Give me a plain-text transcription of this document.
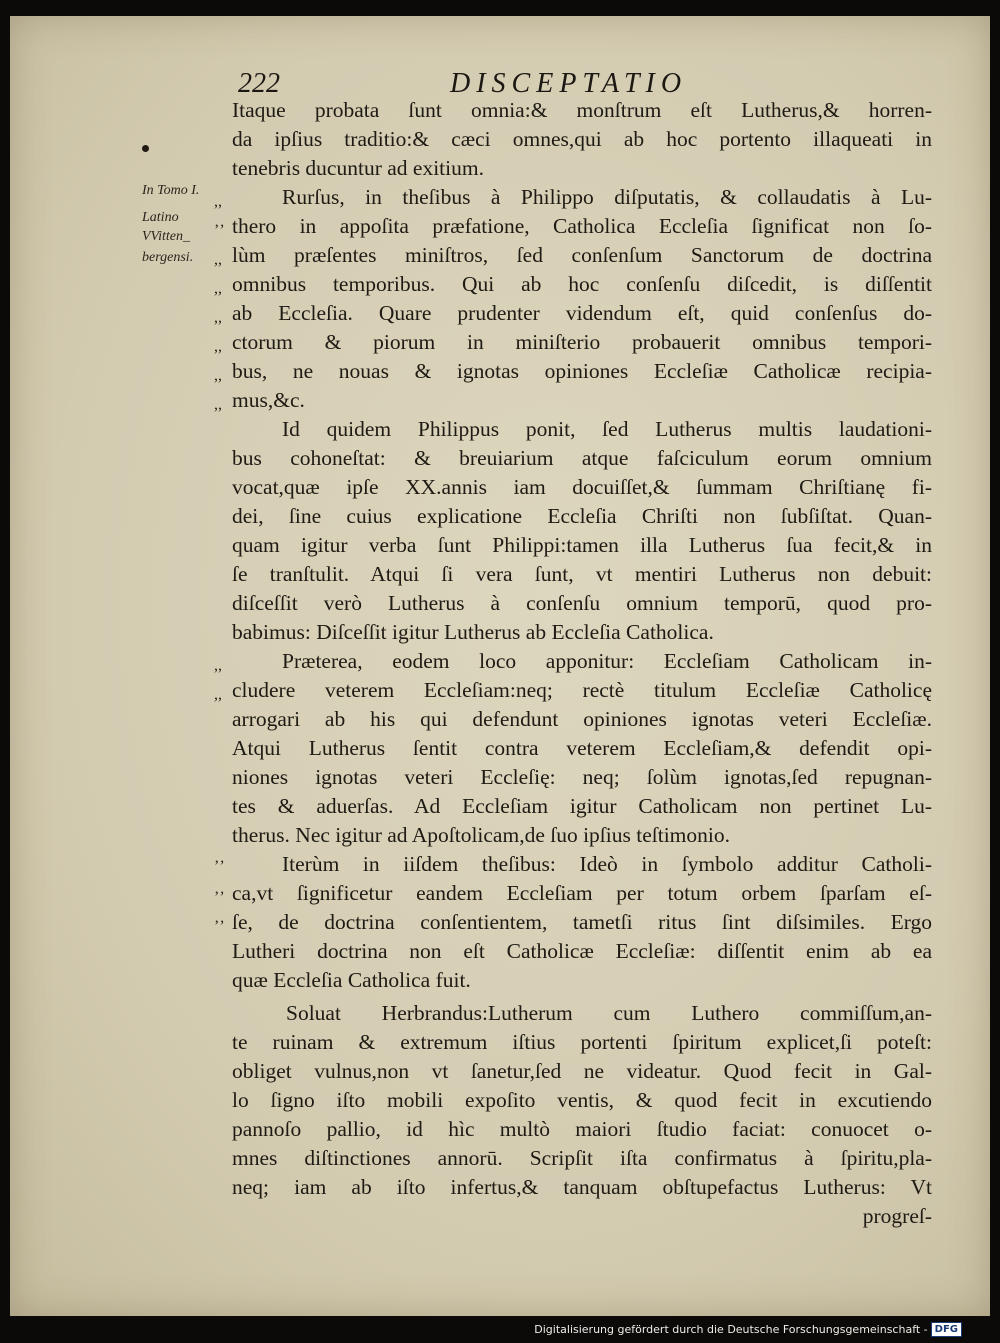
222	DISCEPTATIO
In Tomo I.
Latino
VVitten_
bergensi.
,,
ʼʼ
,,
,,
,,
,,
,,
,,
,,
,,
ʼʼ
ʼʼ
ʼʼ
Itaque probata ſunt omnia:& monſtrum eſt Lutherus,& horren-
da ipſius traditio:& cæci omnes,qui ab hoc portento illaqueati in
tenebris ducuntur ad exitium.
Rurſus, in theſibus à Philippo diſputatis, & collaudatis à Lu-
thero in appoſita præfatione, Catholica Eccleſia ſignificat non ſo-
lùm præſentes miniſtros, ſed conſenſum Sanctorum de doctrina
omnibus temporibus. Qui ab hoc conſenſu diſcedit, is diſſentit
ab Eccleſia. Quare prudenter videndum eſt, quid conſenſus do-
ctorum & piorum in miniſterio probauerit omnibus tempori-
bus, ne nouas & ignotas opiniones Eccleſiæ Catholicæ recipia-
mus,&c.
Id quidem Philippus ponit, ſed Lutherus multis laudationi-
bus cohoneſtat: & breuiarium atque faſciculum eorum omnium
vocat,quæ ipſe XX.annis iam docuiſſet,& ſummam Chriſtianę fi-
dei, ſine cuius explicatione Eccleſia Chriſti non ſubſiſtat. Quan-
quam igitur verba ſunt Philippi:tamen illa Lutherus ſua fecit,& in
ſe tranſtulit. Atqui ſi vera ſunt, vt mentiri Lutherus non debuit:
diſceſſit verò Lutherus à conſenſu omnium temporū, quod pro-
babimus: Diſceſſit igitur Lutherus ab Eccleſia Catholica.
Præterea, eodem loco apponitur: Eccleſiam Catholicam in-
cludere veterem Eccleſiam:neq; rectè titulum Eccleſiæ Catholicę
arrogari ab his qui defendunt opiniones ignotas veteri Eccleſiæ.
Atqui Lutherus ſentit contra veterem Eccleſiam,& defendit opi-
niones ignotas veteri Eccleſię: neq; ſolùm ignotas,ſed repugnan-
tes & aduerſas. Ad Eccleſiam igitur Catholicam non pertinet Lu-
therus. Nec igitur ad Apoſtolicam,de ſuo ipſius teſtimonio.
Iterùm in iiſdem theſibus: Ideò in ſymbolo additur Catholi-
ca,vt ſignificetur eandem Eccleſiam per totum orbem ſparſam eſ-
ſe, de doctrina conſentientem, tametſi ritus ſint diſsimiles. Ergo
Lutheri doctrina non eſt Catholicæ Eccleſiæ: diſſentit enim ab ea
quæ Eccleſia Catholica fuit.
Soluat Herbrandus:Lutherum cum Luthero commiſſum,an-
te ruinam & extremum iſtius portenti ſpiritum explicet,ſi poteſt:
obliget vulnus,non vt ſanetur,ſed ne videatur. Quod fecit in Gal-
lo ſigno iſto mobili expoſito ventis, & quod fecit in excutiendo
pannoſo pallio, id hìc multò maiori ſtudio faciat: conuocet o-
mnes diſtinctiones annorū. Scripſit iſta confirmatus à ſpiritu,pla-
neq; iam ab iſto infertus,& tanquam obſtupefactus Lutherus: Vt
progreſ-
Digitalisierung gefördert durch die Deutsche Forschungsgemeinschaft - DFG
